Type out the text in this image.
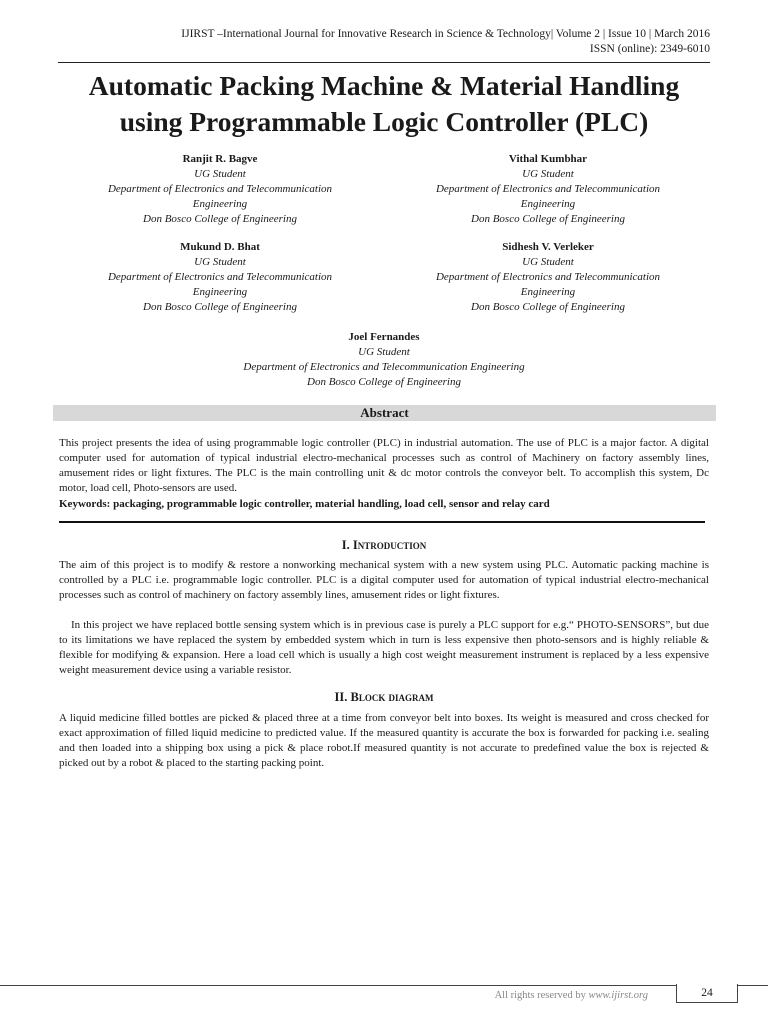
IJIRST –International Journal for Innovative Research in Science & Technology| Volume 2 | Issue 10 | March 2016
ISSN (online): 2349-6010
Automatic Packing Machine & Material Handling
using Programmable Logic Controller (PLC)
Ranjit R. Bagve
UG Student
Department of Electronics and Telecommunication
Engineering
Don Bosco College of Engineering
Vithal Kumbhar
UG Student
Department of Electronics and Telecommunication
Engineering
Don Bosco College of Engineering
Mukund D. Bhat
UG Student
Department of Electronics and Telecommunication
Engineering
Don Bosco College of Engineering
Sidhesh V. Verleker
UG Student
Department of Electronics and Telecommunication
Engineering
Don Bosco College of Engineering
Joel Fernandes
UG Student
Department of Electronics and Telecommunication Engineering
Don Bosco College of Engineering
Abstract

This project presents the idea of using programmable logic controller (PLC) in industrial automation. The use of PLC is a major factor. A digital computer used for automation of typical industrial electro-mechanical processes such as control of Machinery on factory assembly lines, amusement rides or light fixtures. The PLC is the main controlling unit & dc motor controls the conveyor belt. To accomplish this system, Dc motor, load cell, Photo-sensors are used.

Keywords: packaging, programmable logic controller, material handling, load cell, sensor and relay card
I. Introduction

The aim of this project is to modify & restore a nonworking mechanical system with a new system using PLC. Automatic packing machine is controlled by a PLC i.e. programmable logic controller. PLC is a digital computer used for automation of typical industrial electro-mechanical processes such as control of machinery on factory assembly lines, amusement rides or light fixtures.

In this project we have replaced bottle sensing system which is in previous case is purely a PLC support for e.g.“ PHOTO-SENSORS”, but due to its limitations we have replaced the system by embedded system which in turn is less expensive then photo-sensors and is highly reliable & flexible for modifying & expansion. Here a load cell which is usually a high cost weight measurement instrument is replaced by a less expensive weight measurement device using a variable resistor.

II. Block diagram

A liquid medicine filled bottles are picked & placed three at a time from conveyor belt into boxes. Its weight is measured and cross checked for exact approximation of filled liquid medicine to predicted value. If the measured quantity is accurate the box is forwarded for packing i.e. sealing and then loaded into a shipping box using a pick & place robot.If measured quantity is not accurate to predefined value the box is rejected & picked out by a robot & placed to the starting packing point.

All rights reserved by www.ijirst.org	24
